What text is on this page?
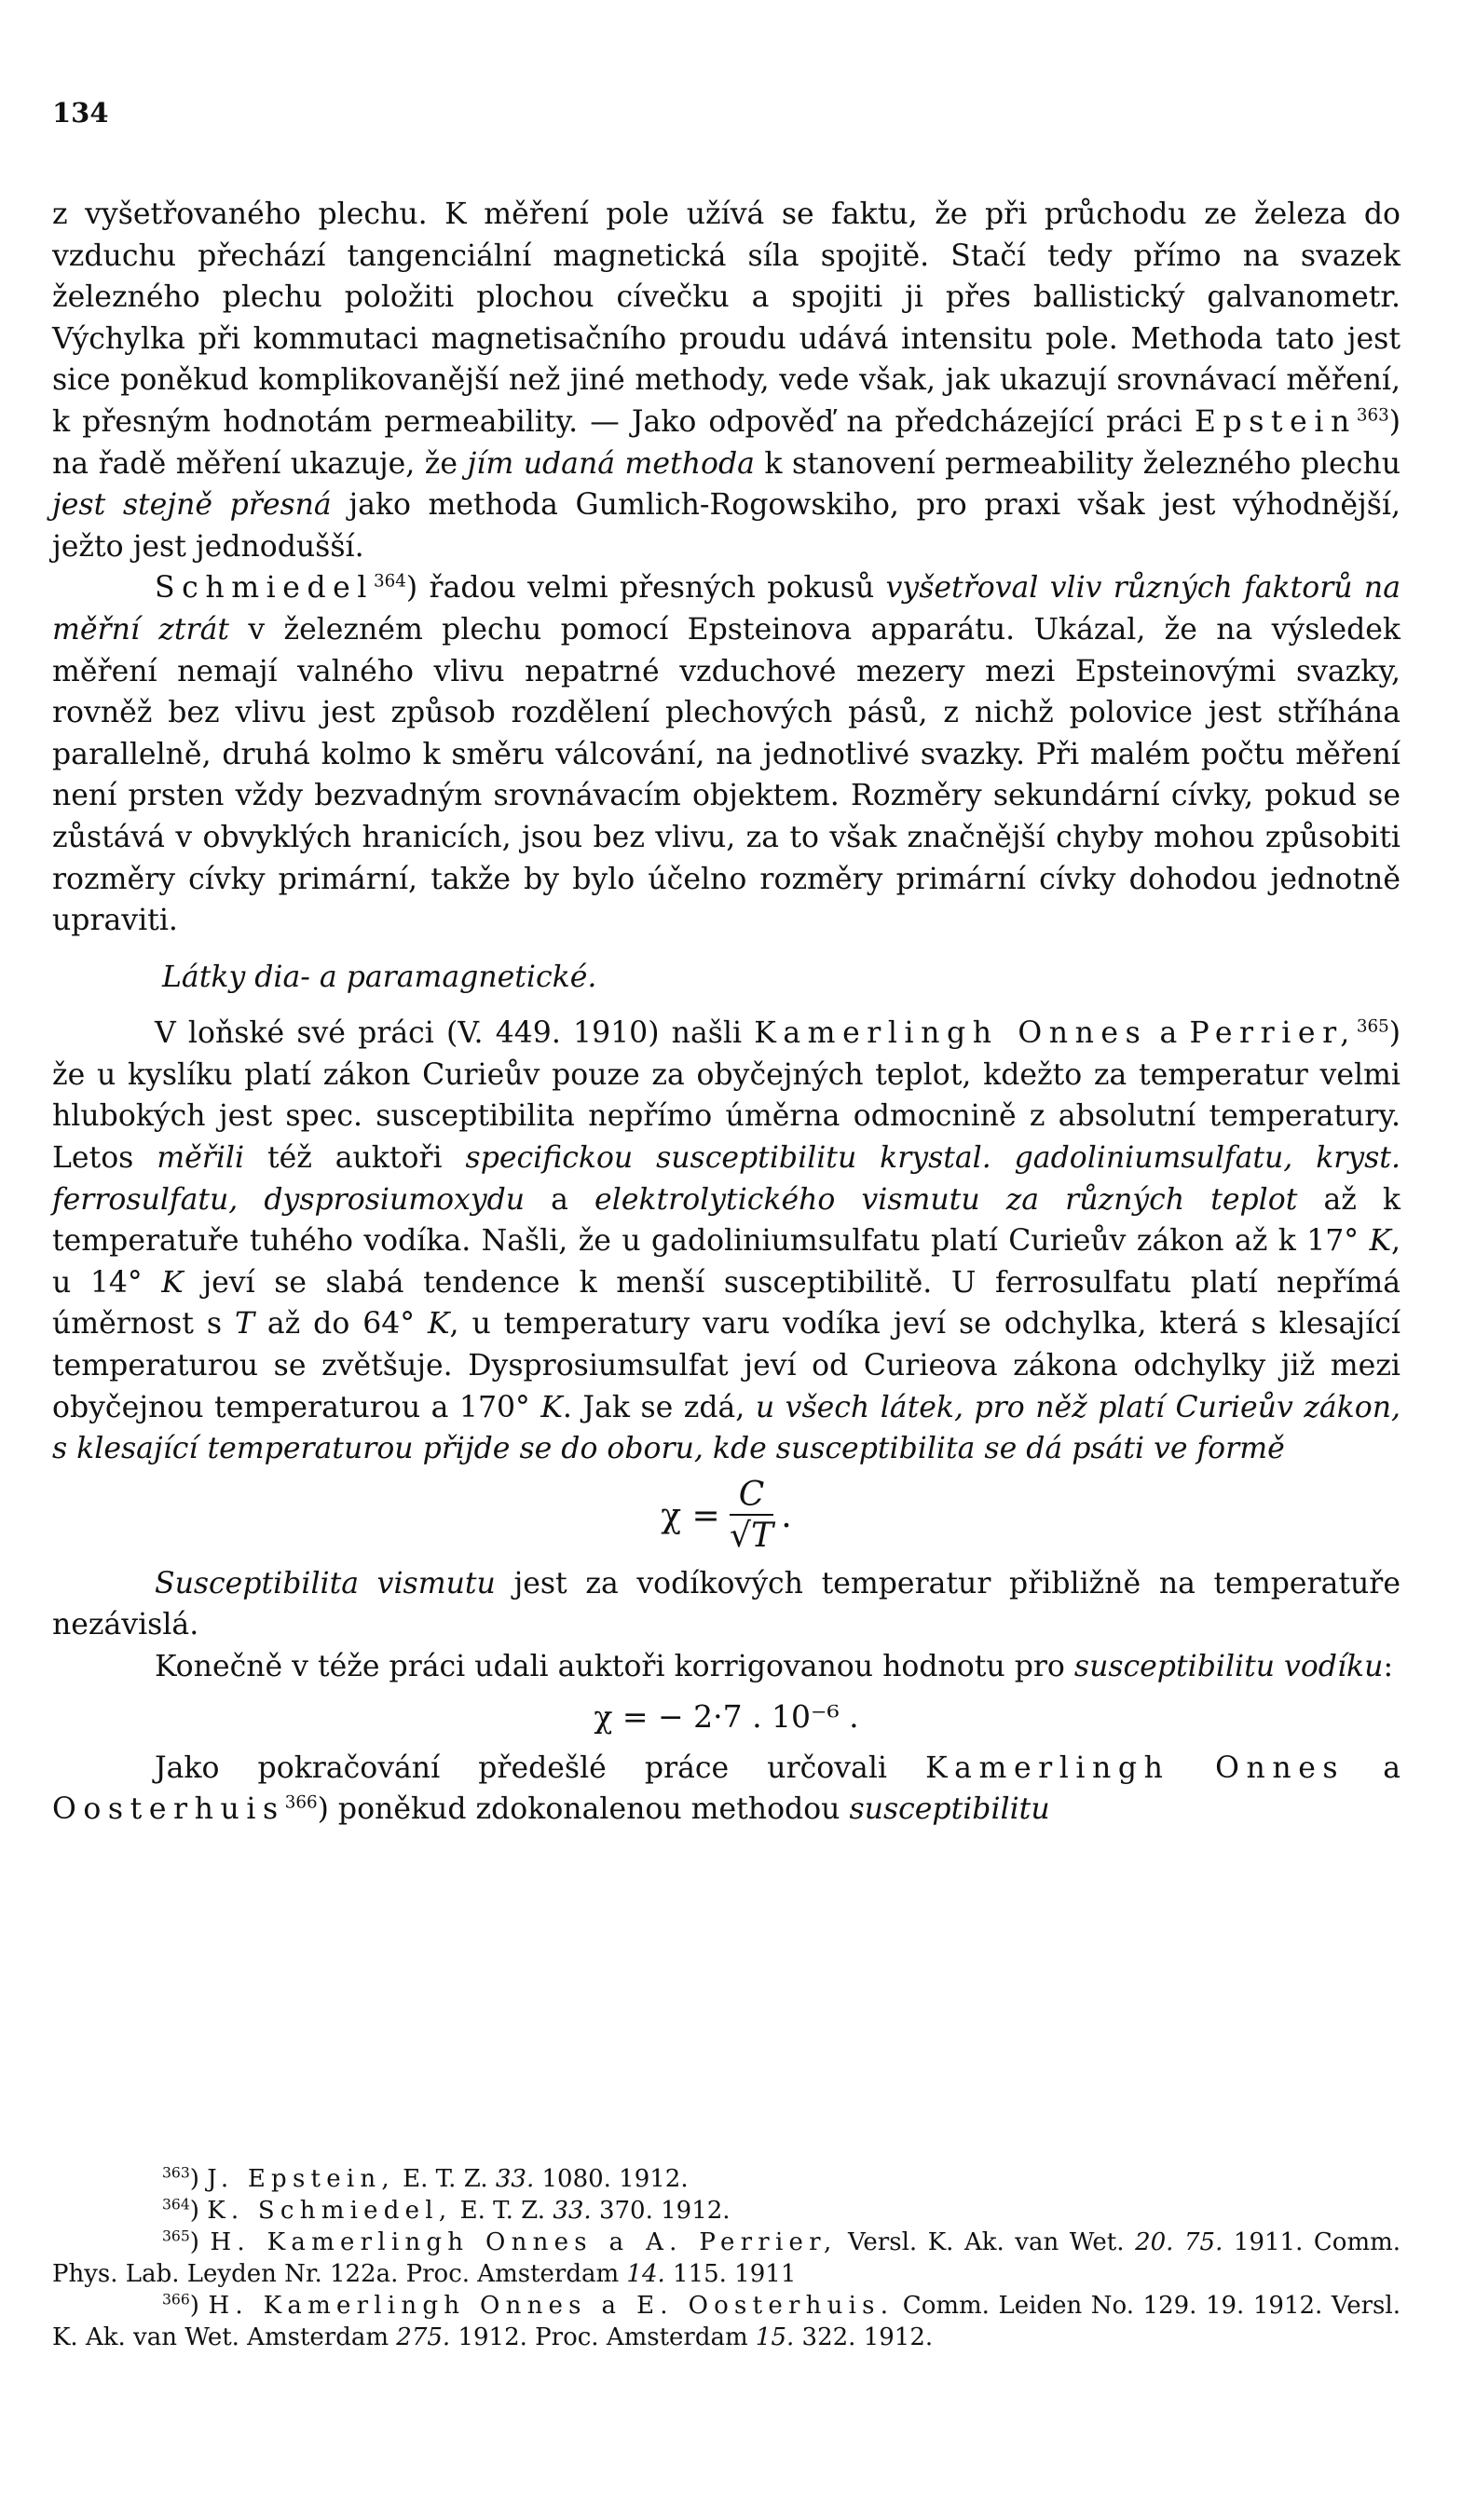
134

z vyšetřovaného plechu. K měření pole užívá se faktu, že při průchodu ze železa do vzduchu přechází tangenciální magnetická síla spojitě. Stačí tedy přímo na svazek železného plechu položiti plochou cívečku a spojiti ji přes ballistický galvanometr. Výchylka při kommutaci magnetisačního proudu udává intensitu pole. Methoda tato jest sice poněkud komplikovanější než jiné methody, vede však, jak ukazují srovnávací měření, k přesným hodnotám permeability. — Jako odpověď na předcházející práci Epstein$^{363}$) na řadě měření ukazuje, že jím udaná methoda k stanovení permeability železného plechu jest stejně přesná jako methoda Gumlich-Rogowskiho, pro praxi však jest výhodnější, ježto jest jednodušší.

Schmiedel$^{364}$) řadou velmi přesných pokusů vyšetřoval vliv různých faktorů na měřní ztrát v železném plechu pomocí Epsteinova apparátu. Ukázal, že na výsledek měření nemají valného vlivu nepatrné vzduchové mezery mezi Epsteinovými svazky, rovněž bez vlivu jest způsob rozdělení plechových pásů, z nichž polovice jest stříhána parallelně, druhá kolmo k směru válcování, na jednotlivé svazky. Při malém počtu měření není prsten vždy bezvadným srovnávacím objektem. Rozměry sekundární cívky, pokud se zůstává v obvyklých hranicích, jsou bez vlivu, za to však značnější chyby mohou způsobiti rozměry cívky primární, takže by bylo účelno rozměry primární cívky dohodou jednotně upraviti.

Látky dia- a paramagnetické.

V loňské své práci (V. 449. 1910) našli Kamerlingh Onnes a Perrier,$^{365}$) že u kyslíku platí zákon Curieův pouze za obyčejných teplot, kdežto za temperatur velmi hlubokých jest spec. susceptibilita nepřímo úměrna odmocnině z absolutní temperatury. Letos měřili též auktoři specifickou susceptibilitu krystal. gadoliniumsulfatu, kryst. ferrosulfatu, dysprosiumoxydu a elektrolytického vismutu za různých teplot až k temperatuře tuhého vodíka. Našli, že u gadoliniumsulfatu platí Curieův zákon až k 17° K, u 14° K jeví se slabá tendence k menší susceptibilitě. U ferrosulfatu platí nepřímá úměrnost s T až do 64° K, u temperatury varu vodíka jeví se odchylka, která s klesající temperaturou se zvětšuje. Dysprosiumsulfat jeví od Curieova zákona odchylky již mezi obyčejnou temperaturou a 170° K. Jak se zdá, u všech látek, pro něž platí Curieův zákon, s klesající temperaturou přijde se do oboru, kde susceptibilita se dá psáti ve formě

$\chi = \frac{C}{√T}$ .

Susceptibilita vismutu jest za vodíkových temperatur přibližně na temperatuře nezávislá.

Konečně v téže práci udali auktoři korrigovanou hodnotu pro susceptibilitu vodíku:

χ = − 2·7 . 10⁻⁶ .

Jako pokračování předešlé práce určovali Kamerlingh Onnes a Oosterhuis$^{366}$) poněkud zdokonalenou methodou susceptibilitu

$^{363}$) J. Epstein, E. T. Z. 33. 1080. 1912.

$^{364}$) K. Schmiedel, E. T. Z. 33. 370. 1912.

$^{365}$) H. Kamerlingh Onnes a A. Perrier, Versl. K. Ak. van Wet. 20. 75. 1911. Comm. Phys. Lab. Leyden Nr. 122a. Proc. Amsterdam 14. 115. 1911

$^{366}$) H. Kamerlingh Onnes a E. Oosterhuis. Comm. Leiden No. 129. 19. 1912. Versl. K. Ak. van Wet. Amsterdam 275. 1912. Proc. Amsterdam 15. 322. 1912.
